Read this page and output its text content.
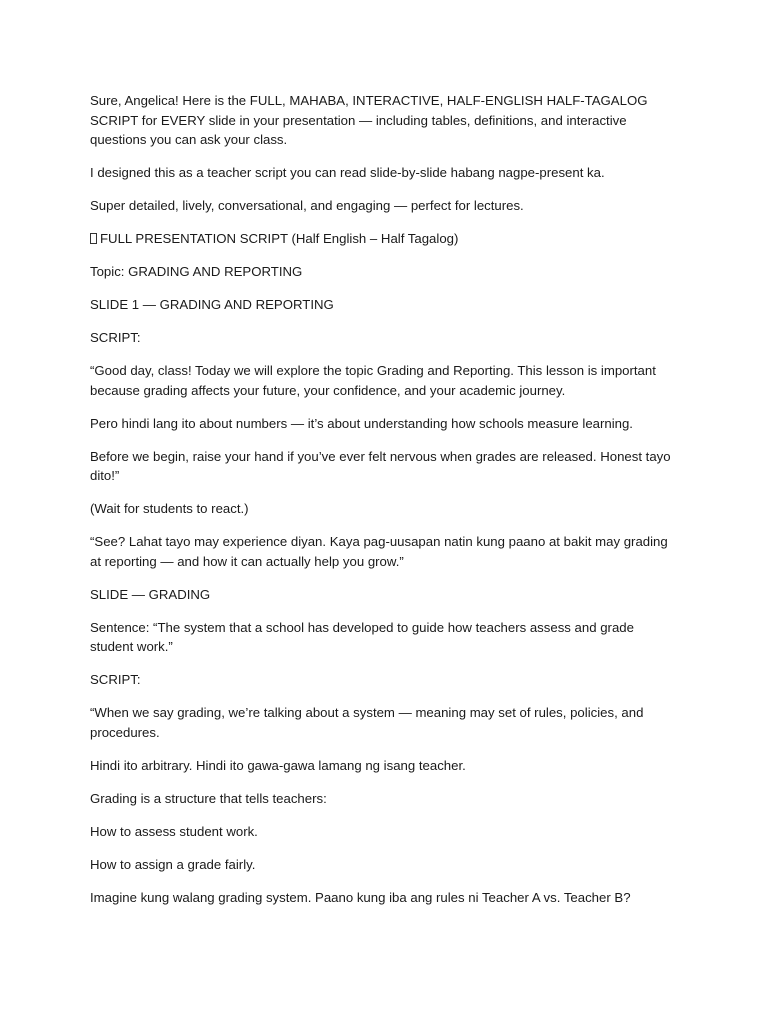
Sure, Angelica! Here is the FULL, MAHABA, INTERACTIVE, HALF-ENGLISH HALF-TAGALOG SCRIPT for EVERY slide in your presentation — including tables, definitions, and interactive questions you can ask your class.

I designed this as a teacher script you can read slide-by-slide habang nagpe-present ka.

Super detailed, lively, conversational, and engaging — perfect for lectures.

FULL PRESENTATION SCRIPT (Half English – Half Tagalog)

Topic: GRADING AND REPORTING

SLIDE 1 — GRADING AND REPORTING

SCRIPT:

“Good day, class! Today we will explore the topic Grading and Reporting. This lesson is important because grading affects your future, your confidence, and your academic journey.

Pero hindi lang ito about numbers — it’s about understanding how schools measure learning.

Before we begin, raise your hand if you’ve ever felt nervous when grades are released. Honest tayo dito!”

(Wait for students to react.)

“See? Lahat tayo may experience diyan. Kaya pag-uusapan natin kung paano at bakit may grading at reporting — and how it can actually help you grow.”

SLIDE — GRADING

Sentence: “The system that a school has developed to guide how teachers assess and grade student work.”

SCRIPT:

“When we say grading, we’re talking about a system — meaning may set of rules, policies, and procedures.

Hindi ito arbitrary. Hindi ito gawa-gawa lamang ng isang teacher.

Grading is a structure that tells teachers:

How to assess student work.

How to assign a grade fairly.

Imagine kung walang grading system. Paano kung iba ang rules ni Teacher A vs. Teacher B?
